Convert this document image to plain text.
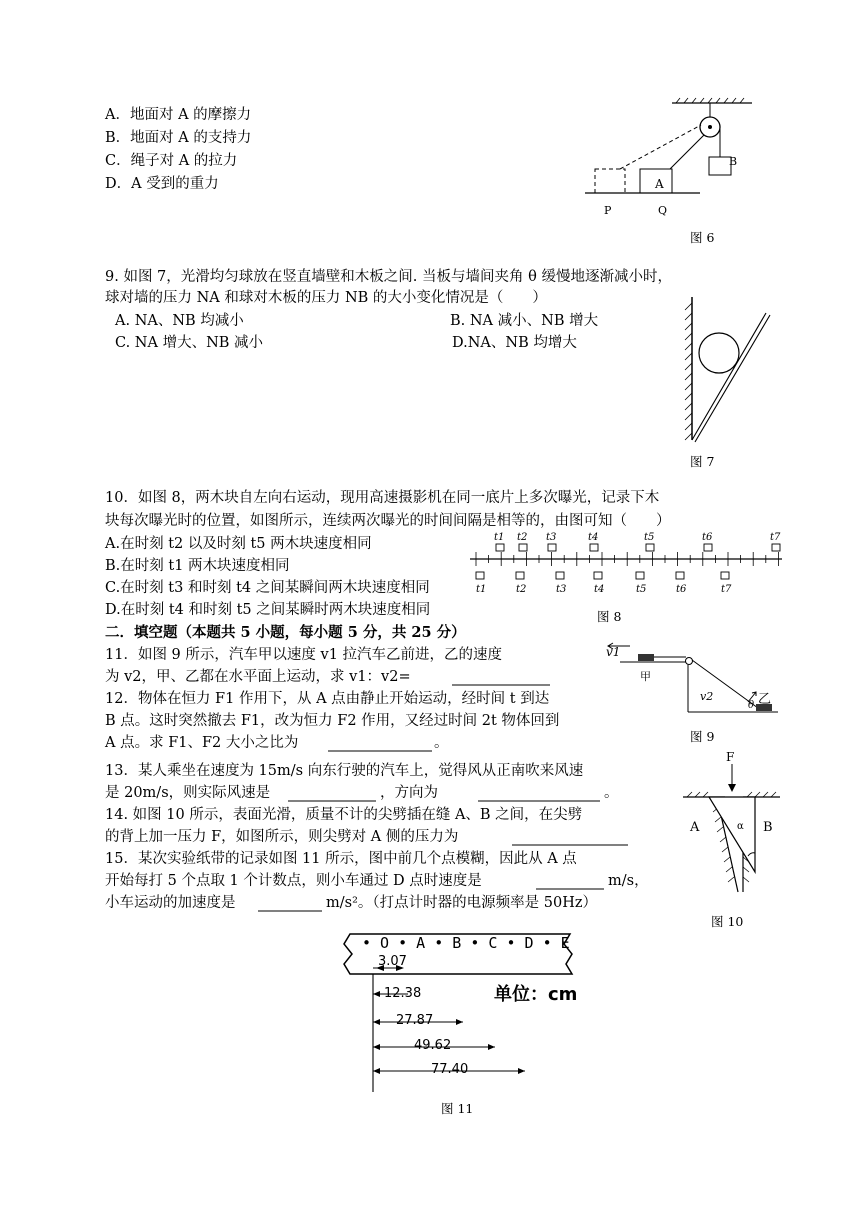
A．地面对 A 的摩擦力
B．地面对 A 的支持力
C．绳子对 A 的拉力
D．A 受到的重力	A
B
P	Q
图 6
9. 如图 7，光滑均匀球放在竖直墙壁和木板之间. 当板与墙间夹角 θ 缓慢地逐渐减小时，
球对墙的压力 NA 和球对木板的压力 NB 的大小变化情况是（　　）
A. NA、NB 均减小	B. NA 减小、NB 增大
C. NA 增大、NB 减小	D.NA、NB 均增大
图 7
10．如图 8，两木块自左向右运动，现用高速摄影机在同一底片上多次曝光，记录下木
块每次曝光时的位置，如图所示，连续两次曝光的时间间隔是相等的，由图可知（　　）
A.在时刻 t2 以及时刻 t5 两木块速度相同
B.在时刻 t1 两木块速度相同
C.在时刻 t3 和时刻 t4 之间某瞬间两木块速度相同
D.在时刻 t4 和时刻 t5 之间某瞬时两木块速度相同
t1 t2 t3	t4	t5	t6	t7
t1	t2	t3	t4	t5	t6	t7
图 8
二．填空题（本题共 5 小题，每小题 5 分，共 25 分）
11．如图 9 所示，汽车甲以速度 v1 拉汽车乙前进，乙的速度
为 v2，甲、乙都在水平面上运动，求 v1：v2=
v1
甲
v2
θ 乙
图 9
12．物体在恒力 F1 作用下，从 A 点由静止开始运动，经时间 t 到达
B 点。这时突然撤去 F1，改为恒力 F2 作用，又经过时间 2t 物体回到
A 点。求 F1、F2 大小之比为	。
13．某人乘坐在速度为 15m/s 向东行驶的汽车上，觉得风从正南吹来风速
是 20m/s，则实际风速是	，方向为	。
14. 如图 10 所示，表面光滑，质量不计的尖劈插在缝 A、B 之间，在尖劈
的背上加一压力 F，如图所示，则尖劈对 A 侧的压力为
F
A	B
α
图 10
15．某次实验纸带的记录如图 11 所示，图中前几个点模糊，因此从 A 点
开始每打 5 个点取 1 个计数点，则小车通过 D 点时速度是	m/s，
小车运动的加速度是	m/s²。（打点计时器的电源频率是 50Hz）
• O • A • B • C • D • E
3.07
12.38	单位：cm
27.87
49.62
77.40
图 11
